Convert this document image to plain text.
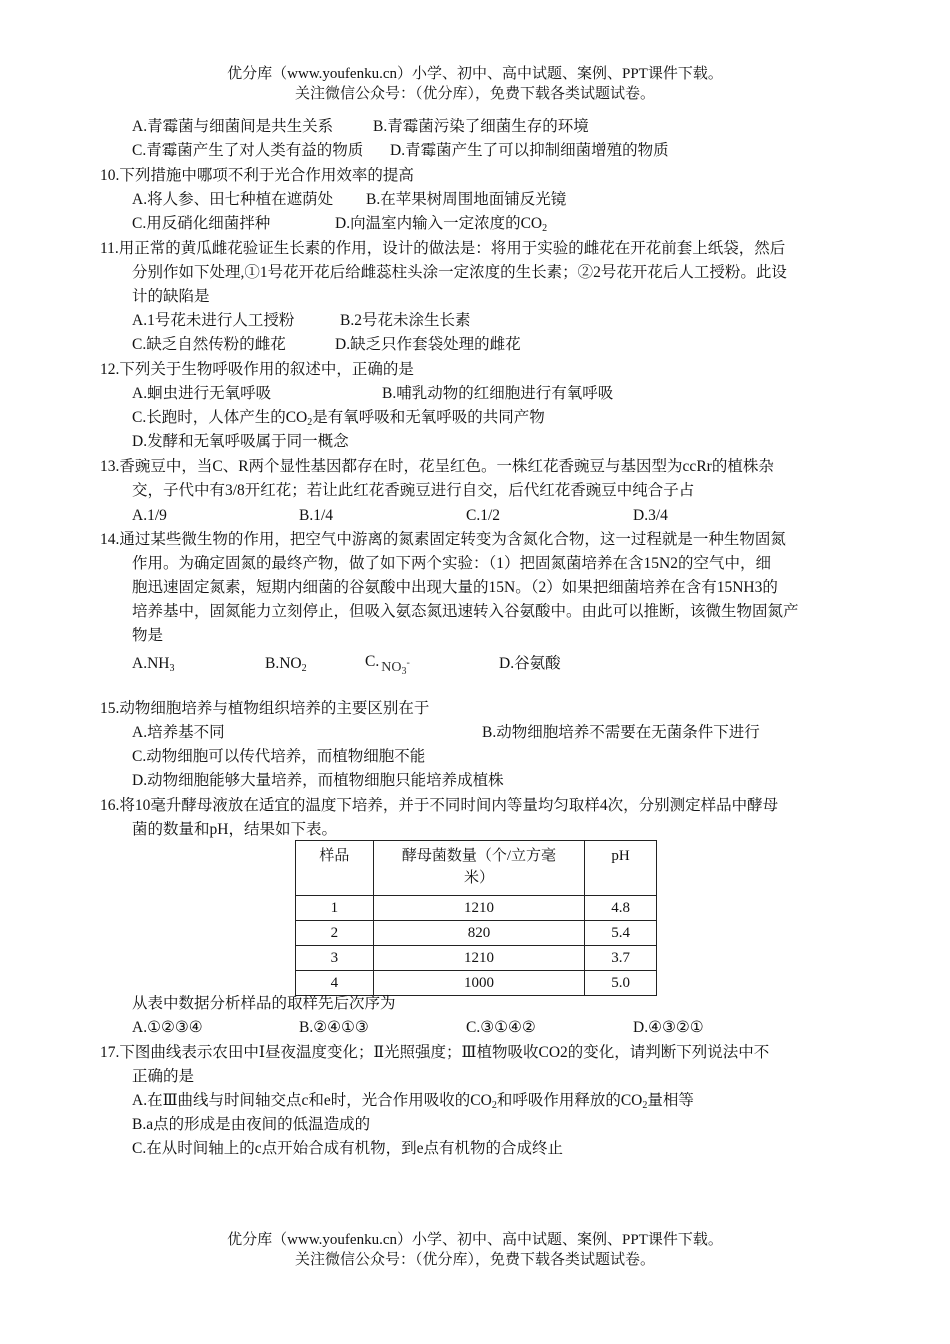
优分库（www.youfenku.cn）小学、初中、高中试题、案例、PPT课件下载。
关注微信公众号：（优分库），免费下载各类试题试卷。
A.青霉菌与细菌间是共生关系	B.青霉菌污染了细菌生存的环境
C.青霉菌产生了对人类有益的物质 D.青霉菌产生了可以抑制细菌增殖的物质
10.下列措施中哪项不利于光合作用效率的提高
A.将人参、田七种植在遮荫处 B.在苹果树周围地面铺反光镜
C.用反硝化细菌拌种	D.向温室内输入一定浓度的$CO_2$
11.用正常的黄瓜雌花验证生长素的作用，设计的做法是：将用于实验的雌花在开花前套上纸袋，然后
分别作如下处理,①1号花开花后给雌蕊柱头涂一定浓度的生长素；②2号花开花后人工授粉。此设
计的缺陷是
A.1号花未进行人工授粉	B.2号花未涂生长素
C.缺乏自然传粉的雌花	D.缺乏只作套袋处理的雌花
12.下列关于生物呼吸作用的叙述中，正确的是
A.蛔虫进行无氧呼吸	B.哺乳动物的红细胞进行有氧呼吸
C.长跑时，人体产生的$CO_2$是有氧呼吸和无氧呼吸的共同产物
D.发酵和无氧呼吸属于同一概念
13.香豌豆中，当C、R两个显性基因都存在时，花呈红色。一株红花香豌豆与基因型为ccRr的植株杂
交，子代中有3/8开红花；若让此红花香豌豆进行自交，后代红花香豌豆中纯合子占
A.1/9	B.1/4	C.1/2	D.3/4
14.通过某些微生物的作用，把空气中游离的氮素固定转变为含氮化合物，这一过程就是一种生物固氮
作用。为确定固氮的最终产物，做了如下两个实验：（1）把固氮菌培养在含15N2的空气中，细
胞迅速固定氮素，短期内细菌的谷氨酸中出现大量的15N。（2）如果把细菌培养在含有15NH3的
培养基中，固氮能力立刻停止，但吸入氨态氮迅速转入谷氨酸中。由此可以推断，该微生物固氮产
物是
$A.NH_3$	$B.NO_2$	C. $NO_3^-$	D.谷氨酸
15.动物细胞培养与植物组织培养的主要区别在于
A.培养基不同	B.动物细胞培养不需要在无菌条件下进行
C.动物细胞可以传代培养，而植物细胞不能
D.动物细胞能够大量培养，而植物细胞只能培养成植株
16.将10毫升酵母液放在适宜的温度下培养，并于不同时间内等量均匀取样4次，分别测定样品中酵母
菌的数量和pH，结果如下表。
样品	酵母菌数量（个/立方毫
米）	pH
1	1210	4.8
2	820	5.4
3	1210	3.7
4	1000	5.0
从表中数据分析样品的取样先后次序为
A.①②③④	B.②④①③	C.③①④②	D.④③②①
17.下图曲线表示农田中Ⅰ昼夜温度变化；Ⅱ光照强度；Ⅲ植物吸收CO2的变化，请判断下列说法中不
正确的是
A.在Ⅲ曲线与时间轴交点c和e时，光合作用吸收的$CO_2$和呼吸作用释放的$CO_2$量相等
B.a点的形成是由夜间的低温造成的
C.在从时间轴上的c点开始合成有机物，到e点有机物的合成终止
优分库（www.youfenku.cn）小学、初中、高中试题、案例、PPT课件下载。
关注微信公众号：（优分库），免费下载各类试题试卷。
